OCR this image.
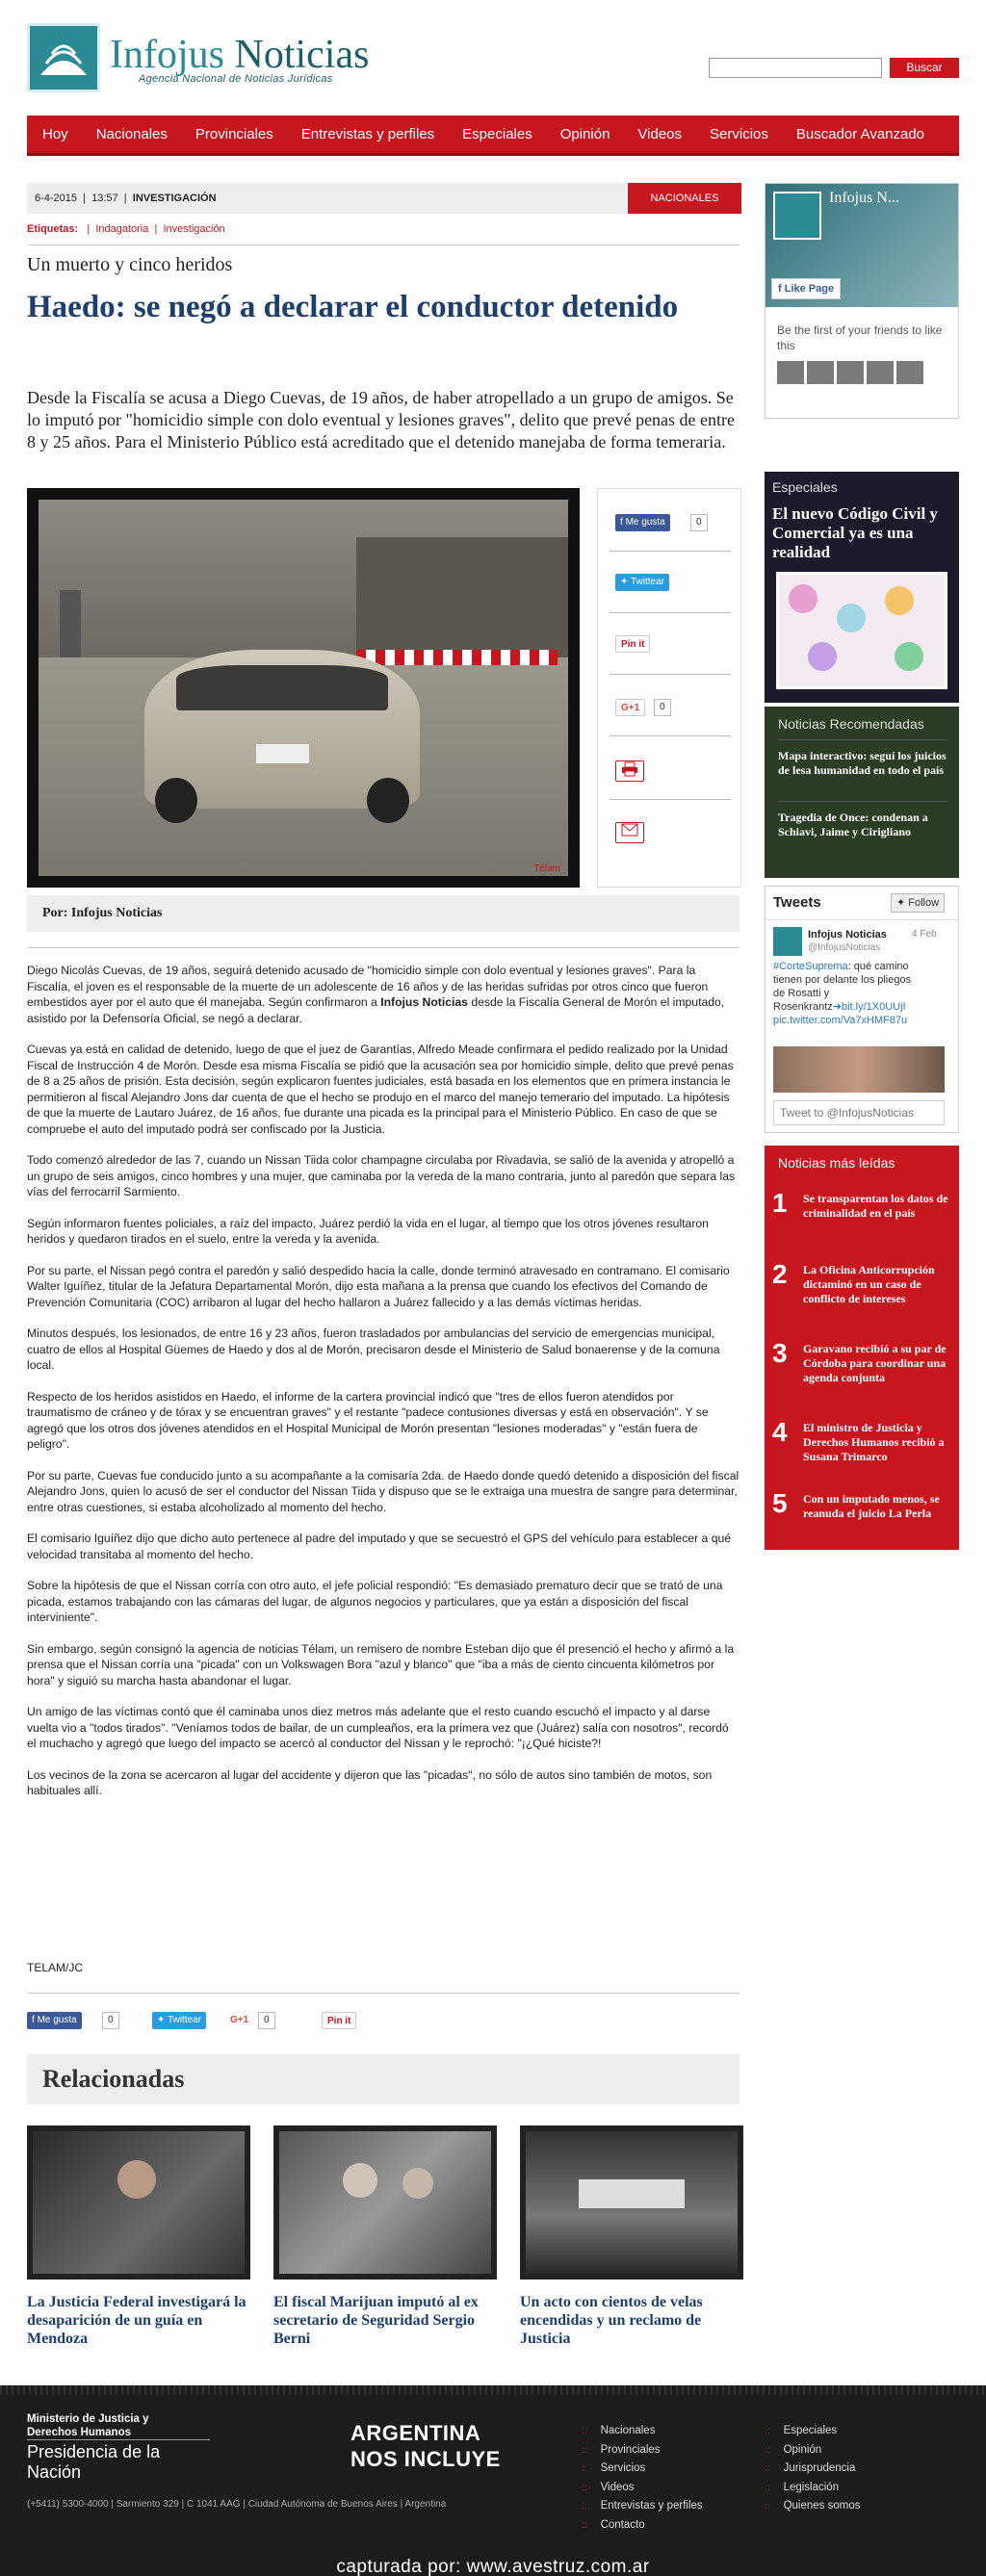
Infojus Noticias
Agencia Nacional de Noticias Jurídicas
Buscar
Hoy Nacionales Provinciales Entrevistas y perfiles Especiales Opinión Videos Servicios Buscador Avanzado
6-4-2015  |  13:57  |  INVESTIGACIÓN	NACIONALES
Etiquetas:   |  Indagatoria  |  Investigación
Un muerto y cinco heridos
Haedo: se negó a declarar el conductor detenido
Desde la Fiscalía se acusa a Diego Cuevas, de 19 años, de haber atropellado a un grupo de amigos. Se lo imputó por "homicidio simple con dolo eventual y lesiones graves", delito que prevé penas de entre 8 y 25 años. Para el Ministerio Público está acreditado que el detenido manejaba de forma temeraria.
Télam
f Me gusta	0
✦ Twittear
Pin it
G+1	0
Por: Infojus Noticias

Diego Nicolás Cuevas, de 19 años, seguirá detenido acusado de "homicidio simple con dolo eventual y lesiones graves". Para la Fiscalía, el joven es el responsable de la muerte de un adolescente de 16 años y de las heridas sufridas por otros cinco que fueron embestidos ayer por el auto que él manejaba. Según confirmaron a Infojus Noticias desde la Fiscalía General de Morón el imputado, asistido por la Defensoría Oficial, se negó a declarar.

Cuevas ya está en calidad de detenido, luego de que el juez de Garantías, Alfredo Meade confirmara el pedido realizado por la Unidad Fiscal de Instrucción 4 de Morón. Desde esa misma Fiscalía se pidió que la acusación sea por homicidio simple, delito que prevé penas de 8 a 25 años de prisión. Esta decisión, según explicaron fuentes judiciales, está basada en los elementos que en primera instancia le permitieron al fiscal Alejandro Jons dar cuenta de que el hecho se produjo en el marco del manejo temerario del imputado. La hipótesis de que la muerte de Lautaro Juárez, de 16 años, fue durante una picada es la principal para el Ministerio Público. En caso de que se compruebe el auto del imputado podrá ser confiscado por la Justicia.

Todo comenzó alrededor de las 7, cuando un Nissan Tiida color champagne circulaba por Rivadavia, se salió de la avenida y atropelló a un grupo de seis amigos, cinco hombres y una mujer, que caminaba por la vereda de la mano contraria, junto al paredón que separa las vías del ferrocarril Sarmiento.

Según informaron fuentes policiales, a raíz del impacto, Juárez perdió la vida en el lugar, al tiempo que los otros jóvenes resultaron heridos y quedaron tirados en el suelo, entre la vereda y la avenida.

Por su parte, el Nissan pegó contra el paredón y salió despedido hacia la calle, donde terminó atravesado en contramano. El comisario Walter Iguíñez, titular de la Jefatura Departamental Morón, dijo esta mañana a la prensa que cuando los efectivos del Comando de Prevención Comunitaria (COC) arribaron al lugar del hecho hallaron a Juárez fallecido y a las demás víctimas heridas.

Minutos después, los lesionados, de entre 16 y 23 años, fueron trasladados por ambulancias del servicio de emergencias municipal, cuatro de ellos al Hospital Güemes de Haedo y dos al de Morón, precisaron desde el Ministerio de Salud bonaerense y de la comuna local.

Respecto de los heridos asistidos en Haedo, el informe de la cartera provincial indicó que "tres de ellos fueron atendidos por traumatismo de cráneo y de tórax y se encuentran graves" y el restante "padece contusiones diversas y está en observación". Y se agregó que los otros dos jóvenes atendidos en el Hospital Municipal de Morón presentan "lesiones moderadas" y "están fuera de peligro".

Por su parte, Cuevas fue conducido junto a su acompañante a la comisaría 2da. de Haedo donde quedó detenido a disposición del fiscal Alejandro Jons, quien lo acusó de ser el conductor del Nissan Tiida y dispuso que se le extraiga una muestra de sangre para determinar, entre otras cuestiones, si estaba alcoholizado al momento del hecho.

El comisario Iguíñez dijo que dicho auto pertenece al padre del imputado y que se secuestró el GPS del vehículo para establecer a qué velocidad transitaba al momento del hecho.

Sobre la hipótesis de que el Nissan corría con otro auto, el jefe policial respondió: "Es demasiado prematuro decir que se trató de una picada, estamos trabajando con las cámaras del lugar, de algunos negocios y particulares, que ya están a disposición del fiscal interviniente".

Sin embargo, según consignó la agencia de noticias Télam, un remisero de nombre Esteban dijo que él presenció el hecho y afirmó a la prensa que el Nissan corría una "picada" con un Volkswagen Bora "azul y blanco" que "iba a más de ciento cincuenta kilómetros por hora" y siguió su marcha hasta abandonar el lugar.

Un amigo de las víctimas contó que él caminaba unos diez metros más adelante que el resto cuando escuchó el impacto y al darse vuelta vio a "todos tirados". "Veníamos todos de bailar, de un cumpleaños, era la primera vez que (Juárez) salía con nosotros", recordó el muchacho y agregó que luego del impacto se acercó al conductor del Nissan y le reprochó: "¡¿Qué hiciste?!

Los vecinos de la zona se acercaron al lugar del accidente y dijeron que las "picadas", no sólo de autos sino también de motos, son habituales allí.

TELAM/JC
f Me gusta	0	✦ Twittear	G+1	0	Pin it
Relacionadas
La Justicia Federal investigará la desaparición de un guía en Mendoza
El fiscal Marijuan imputó al ex secretario de Seguridad Sergio Berni
Un acto con cientos de velas encendidas y un reclamo de Justicia
Infojus N...
f Like Page
Be the first of your friends to like this
Especiales
El nuevo Código Civil y Comercial ya es una realidad
Noticias Recomendadas
Mapa interactivo: seguí los juicios de lesa humanidad en todo el país
Tragedia de Once: condenan a Schiavi, Jaime y Cirigliano
Tweets	✦ Follow
Infojus Noticias	4 Feb
@InfojusNoticias
#CorteSuprema: qué camino tienen por delante los pliegos de Rosatti y Rosenkrantz➜bit.ly/1X0UUjI
pic.twitter.com/Va7xHMF87u
Tweet to @InfojusNoticias
Noticias más leídas
1 Se transparentan los datos de criminalidad en el país
2 La Oficina Anticorrupción dictaminó en un caso de conflicto de intereses
3 Garavano recibió a su par de Córdoba para coordinar una agenda conjunta
4 El ministro de Justicia y Derechos Humanos recibió a Susana Trimarco
5 Con un imputado menos, se reanuda el juicio La Perla
Ministerio de Justicia y Derechos Humanos
Presidencia de la Nación
(+5411) 5300-4000 | Sarmiento 329 | C 1041 AAG | Ciudad Autónoma de Buenos Aires | Argentina
ARGENTINA
NOS INCLUYE
:: Nacionales
:: Provinciales
:: Servicios
:: Videos
:: Entrevistas y perfiles
:: Contacto
:: Especiales
:: Opinión
:: Jurisprudencia
:: Legislación
:: Quienes somos
capturada por: www.avestruz.com.ar
